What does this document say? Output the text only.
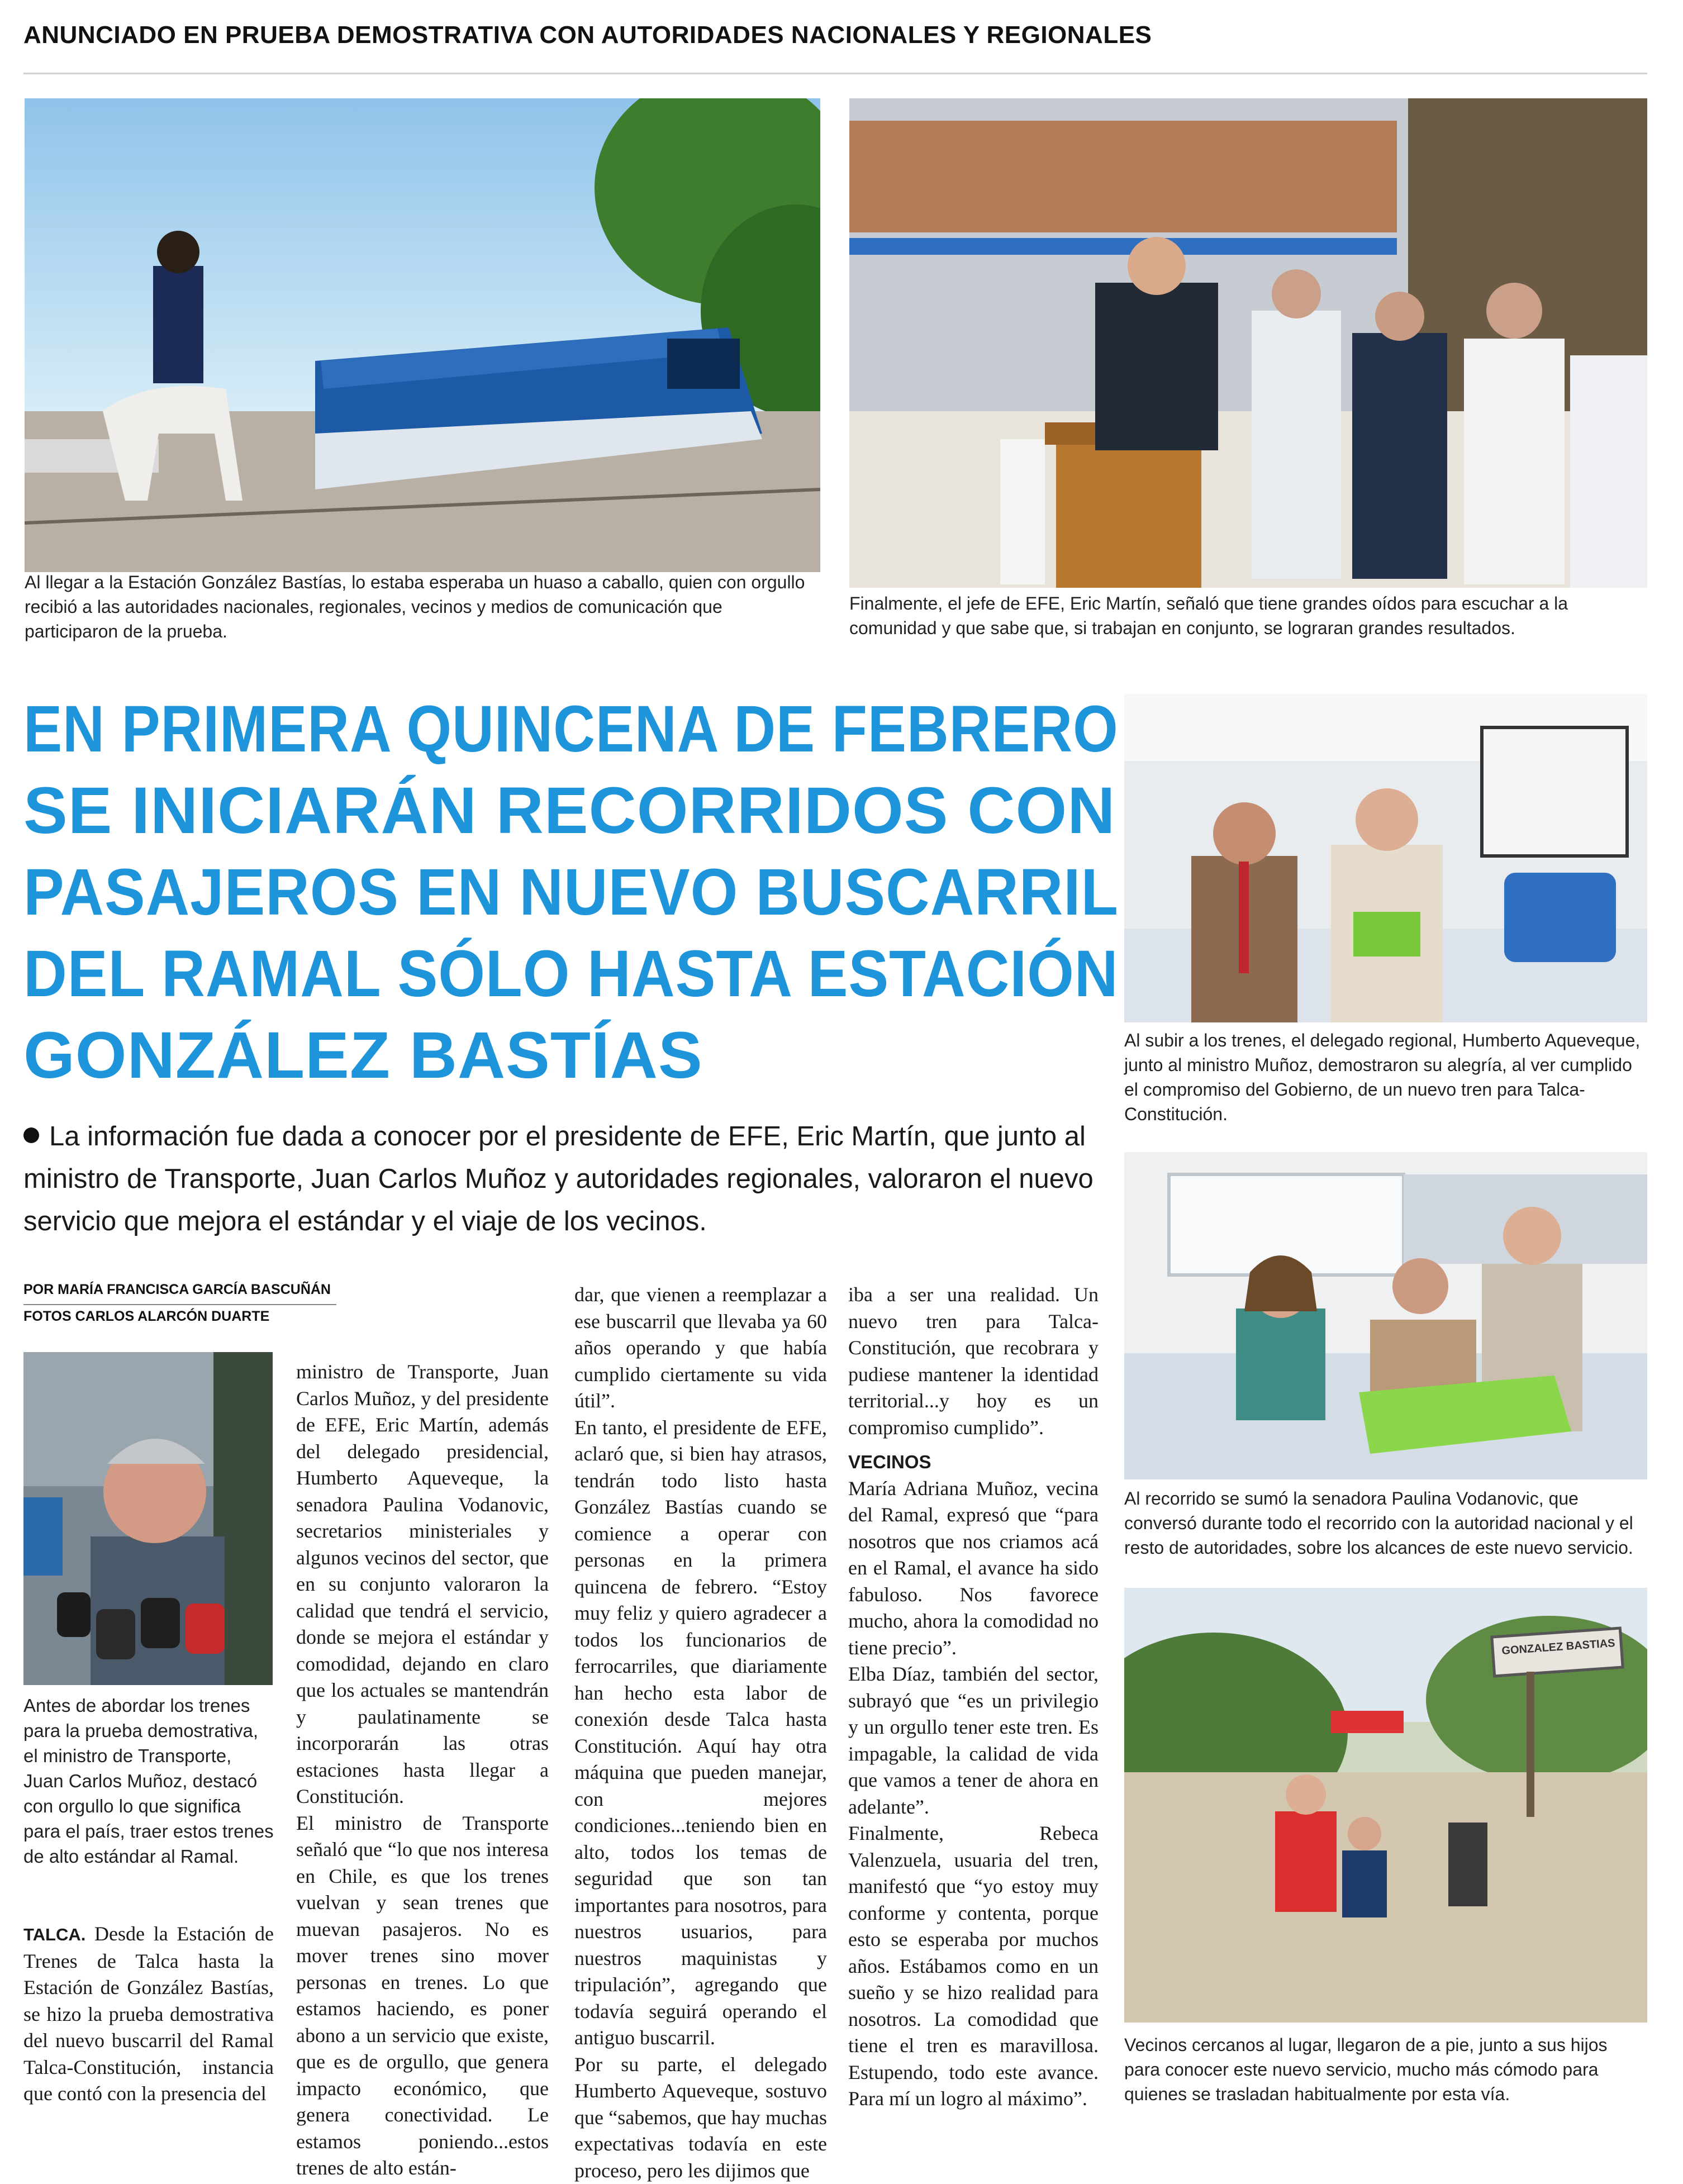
ANUNCIADO EN PRUEBA DEMOSTRATIVA CON AUTORIDADES NACIONALES Y REGIONALES
Al llegar a la Estación González Bastías, lo estaba esperaba un huaso a caballo, quien con orgullo recibió a las autoridades nacionales, regionales, vecinos y medios de comunicación que participaron de la prueba.
Finalmente, el jefe de EFE, Eric Martín, señaló que tiene grandes oídos para escuchar a la comunidad y que sabe que, si trabajan en conjunto, se lograran grandes resultados.
EN PRIMERA QUINCENA DE FEBRERO
SE INICIARÁN RECORRIDOS CON
PASAJEROS EN NUEVO BUSCARRIL
DEL RAMAL SÓLO HASTA ESTACIÓN
GONZÁLEZ BASTÍAS
La información fue dada a conocer por el presidente de EFE, Eric Martín, que junto al ministro de Transporte, Juan Carlos Muñoz y autoridades regionales, valoraron el nuevo servicio que mejora el estándar y el viaje de los vecinos.
POR MARÍA FRANCISCA GARCÍA BASCUÑÁN
FOTOS CARLOS ALARCÓN DUARTE
Antes de abordar los trenes para la prueba demostrativa, el ministro de Transporte, Juan Carlos Muñoz, destacó con orgullo lo que significa para el país, traer estos trenes de alto estándar al Ramal.

TALCA. Desde la Estación de Trenes de Talca hasta la Estación de González Bastías, se hizo la prueba demostrativa del nuevo buscarril del Ramal Talca-Constitución, instancia que contó con la presencia del

ministro de Transporte, Juan Carlos Muñoz, y del presidente de EFE, Eric Martín, además del delegado presidencial, Humberto Aqueveque, la senadora Paulina Vodanovic, secretarios ministeriales y algunos vecinos del sector, que en su conjunto valoraron la calidad que tendrá el servicio, donde se mejora el estándar y comodidad, dejando en claro que los actuales se mantendrán y paulatinamente se incorporarán las otras estaciones hasta llegar a Constitución.

El ministro de Transporte señaló que “lo que nos interesa en Chile, es que los trenes vuelvan y sean trenes que muevan pasajeros. No es mover trenes sino mover personas en trenes. Lo que estamos haciendo, es poner abono a un servicio que existe, que es de orgullo, que genera impacto económico, que genera conectividad. Le estamos poniendo...estos trenes de alto están-

dar, que vienen a reemplazar a ese buscarril que llevaba ya 60 años operando y que había cumplido ciertamente su vida útil”.

En tanto, el presidente de EFE, aclaró que, si bien hay atrasos, tendrán todo listo hasta González Bastías cuando se comience a operar con personas en la primera quincena de febrero. “Estoy muy feliz y quiero agradecer a todos los funcionarios de ferrocarriles, que diariamente han hecho esta labor de conexión desde Talca hasta Constitución. Aquí hay otra máquina que pueden manejar, con mejores condiciones...teniendo bien en alto, todos los temas de seguridad que son tan importantes para nosotros, para nuestros usuarios, para nuestros maquinistas y tripulación”, agregando que todavía seguirá operando el antiguo buscarril.

Por su parte, el delegado Humberto Aqueveque, sostuvo que “sabemos, que hay muchas expectativas todavía en este proceso, pero les dijimos que

iba a ser una realidad. Un nuevo tren para Talca-Constitución, que recobrara y pudiese mantener la identidad territorial...y hoy es un compromiso cumplido”.

VECINOS

María Adriana Muñoz, vecina del Ramal, expresó que “para nosotros que nos criamos acá en el Ramal, el avance ha sido fabuloso. Nos favorece mucho, ahora la comodidad no tiene precio”.

Elba Díaz, también del sector, subrayó que “es un privilegio y un orgullo tener este tren. Es impagable, la calidad de vida que vamos a tener de ahora en adelante”.

Finalmente, Rebeca Valenzuela, usuaria del tren, manifestó que “yo estoy muy conforme y contenta, porque esto se esperaba por muchos años. Estábamos como en un sueño y se hizo realidad para nosotros. La comodidad que tiene el tren es maravillosa. Estupendo, todo este avance. Para mí un logro al máximo”.

Al subir a los trenes, el delegado regional, Humberto Aqueveque, junto al ministro Muñoz, demostraron su alegría, al ver cumplido el compromiso del Gobierno, de un nuevo tren para Talca- Constitución.
Al recorrido se sumó la senadora Paulina Vodanovic, que conversó durante todo el recorrido con la autoridad nacional y el resto de autoridades, sobre los alcances de este nuevo servicio.
GONZALEZ BASTIAS
Vecinos cercanos al lugar, llegaron de a pie, junto a sus hijos para conocer este nuevo servicio, mucho más cómodo para quienes se trasladan habitualmente por esta vía.
